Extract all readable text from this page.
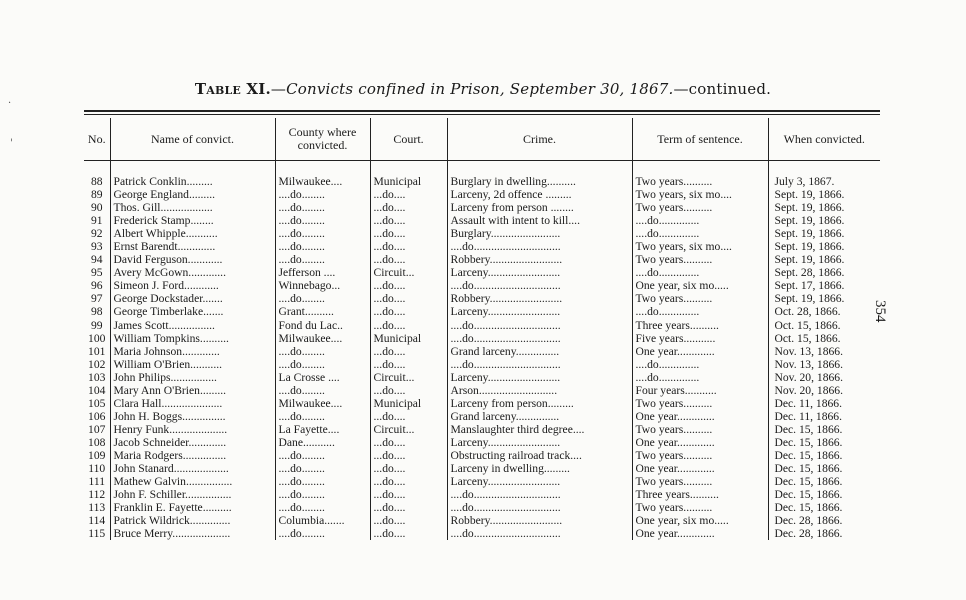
·
'
Table XI.—Convicts confined in Prison, September 30, 1867.—continued.
No.	Name of convict.	County where convicted.	Court.	Crime.	Term of sentence.	When convicted.

88	Patrick Conklin.........	Milwaukee....	Municipal	Burglary in dwelling..........	Two years..........	July 3, 1867.
89	George England.........	....do........	...do....	Larceny, 2d offence .........	Two years, six mo....	Sept. 19, 1866.
90	Thos. Gill..................	....do........	...do....	Larceny from person ........	Two years..........	Sept. 19, 1866.
91	Frederick Stamp........	....do........	...do....	Assault with intent to kill....	....do..............	Sept. 19, 1866.
92	Albert Whipple...........	....do........	...do....	Burglary........................	....do..............	Sept. 19, 1866.
93	Ernst Barendt.............	....do........	...do....	....do..............................	Two years, six mo....	Sept. 19, 1866.
94	David Ferguson............	....do........	...do....	Robbery.........................	Two years..........	Sept. 19, 1866.
95	Avery McGown.............	Jefferson ....	Circuit...	Larceny.........................	....do..............	Sept. 28, 1866.
96	Simeon J. Ford............	Winnebago...	...do....	....do..............................	One year, six mo.....	Sept. 17, 1866.
97	George Dockstader.......	....do........	...do....	Robbery.........................	Two years..........	Sept. 19, 1866.
98	George Timberlake.......	Grant..........	...do....	Larceny.........................	....do..............	Oct. 28, 1866.
99	James Scott................	Fond du Lac..	...do....	....do..............................	Three years..........	Oct. 15, 1866.
100	William Tompkins..........	Milwaukee....	Municipal	....do..............................	Five years...........	Oct. 15, 1866.
101	Maria Johnson.............	....do........	...do....	Grand larceny...............	One year.............	Nov. 13, 1866.
102	William O'Brien...........	....do........	...do....	....do..............................	....do..............	Nov. 13, 1866.
103	John Philips................	La Crosse ....	Circuit...	Larceny.........................	....do..............	Nov. 20, 1866.
104	Mary Ann O'Brien.........	....do........	...do....	Arson...........................	Four years...........	Nov. 20, 1866.
105	Clara Hall.....................	Milwaukee....	Municipal	Larceny from person.........	Two years..........	Dec. 11, 1866.
106	John H. Boggs...............	....do........	...do....	Grand larceny...............	One year.............	Dec. 11, 1866.
107	Henry Funk....................	La Fayette....	Circuit...	Manslaughter third degree....	Two years..........	Dec. 15, 1866.
108	Jacob Schneider.............	Dane...........	...do....	Larceny.........................	One year.............	Dec. 15, 1866.
109	Maria Rodgers...............	....do........	...do....	Obstructing railroad track....	Two years..........	Dec. 15, 1866.
110	John Stanard...................	....do........	...do....	Larceny in dwelling.........	One year.............	Dec. 15, 1866.
111	Mathew Galvin................	....do........	...do....	Larceny.........................	Two years..........	Dec. 15, 1866.
112	John F. Schiller................	....do........	...do....	....do..............................	Three years..........	Dec. 15, 1866.
113	Franklin E. Fayette..........	....do........	...do....	....do..............................	Two years..........	Dec. 15, 1866.
114	Patrick Wildrick..............	Columbia.......	...do....	Robbery.........................	One year, six mo.....	Dec. 28, 1866.
115	Bruce Merry....................	....do........	...do....	....do..............................	One year.............	Dec. 28, 1866.
354
